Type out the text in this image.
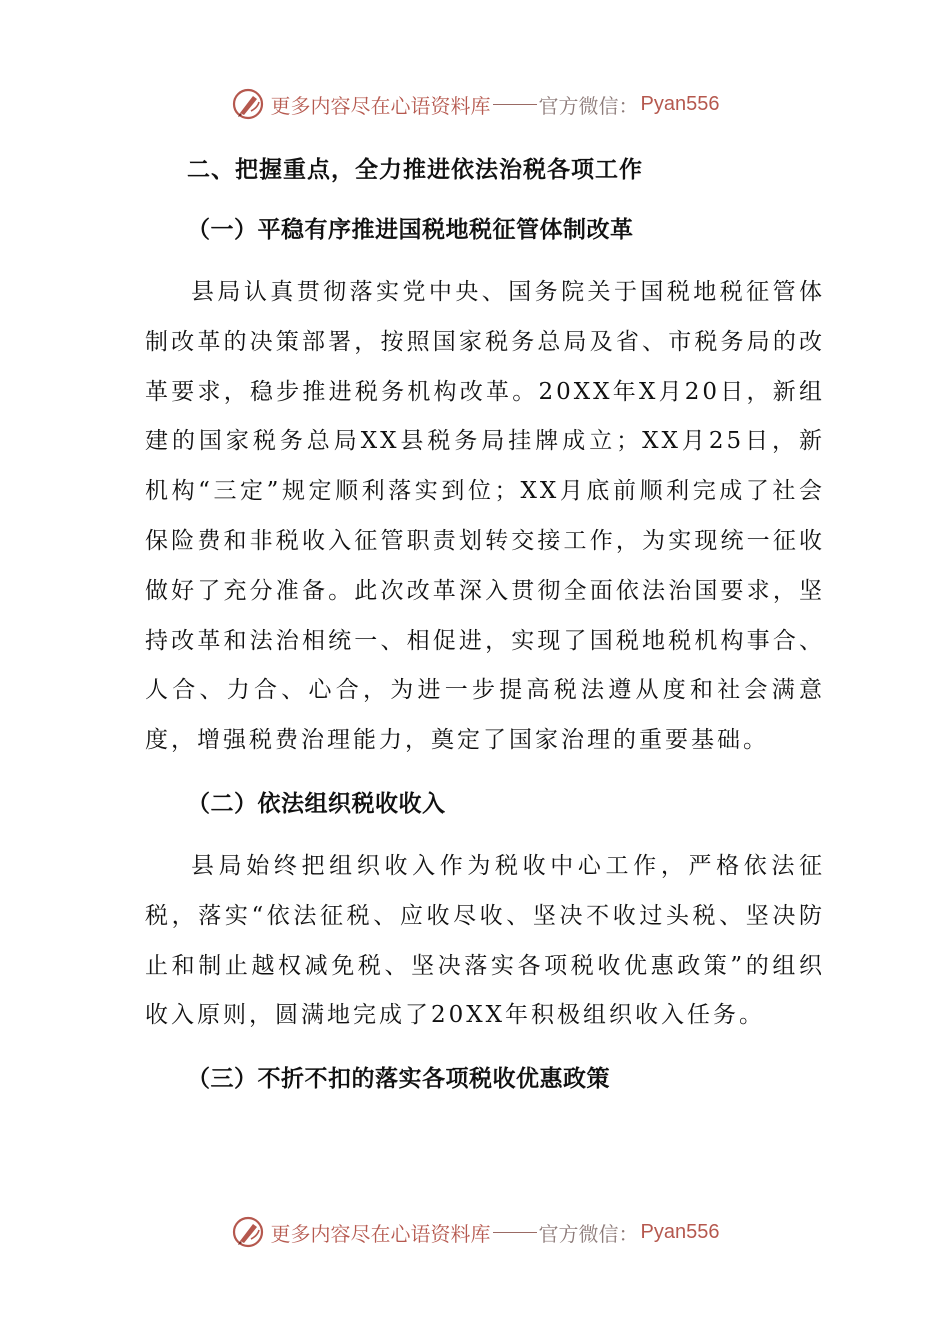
更多内容尽在心语资料库 官方微信： Pyan556
二、把握重点，全力推进依法治税各项工作
（一）平稳有序推进国税地税征管体制改革

县局认真贯彻落实党中央、国务院关于国税地税征管体制改革的决策部署，按照国家税务总局及省、市税务局的改革要求，稳步推进税务机构改革。20XX年X月20日，新组建的国家税务总局XX县税务局挂牌成立；XX月25日，新机构“三定”规定顺利落实到位；XX月底前顺利完成了社会保险费和非税收入征管职责划转交接工作，为实现统一征收做好了充分准备。此次改革深入贯彻全面依法治国要求，坚持改革和法治相统一、相促进，实现了国税地税机构事合、人合、力合、心合，为进一步提高税法遵从度和社会满意度，增强税费治理能力，奠定了国家治理的重要基础。

（二）依法组织税收收入

县局始终把组织收入作为税收中心工作，严格依法征税，落实“依法征税、应收尽收、坚决不收过头税、坚决防止和制止越权减免税、坚决落实各项税收优惠政策”的组织收入原则，圆满地完成了20XX年积极组织收入任务。

（三）不折不扣的落实各项税收优惠政策
更多内容尽在心语资料库 官方微信： Pyan556
